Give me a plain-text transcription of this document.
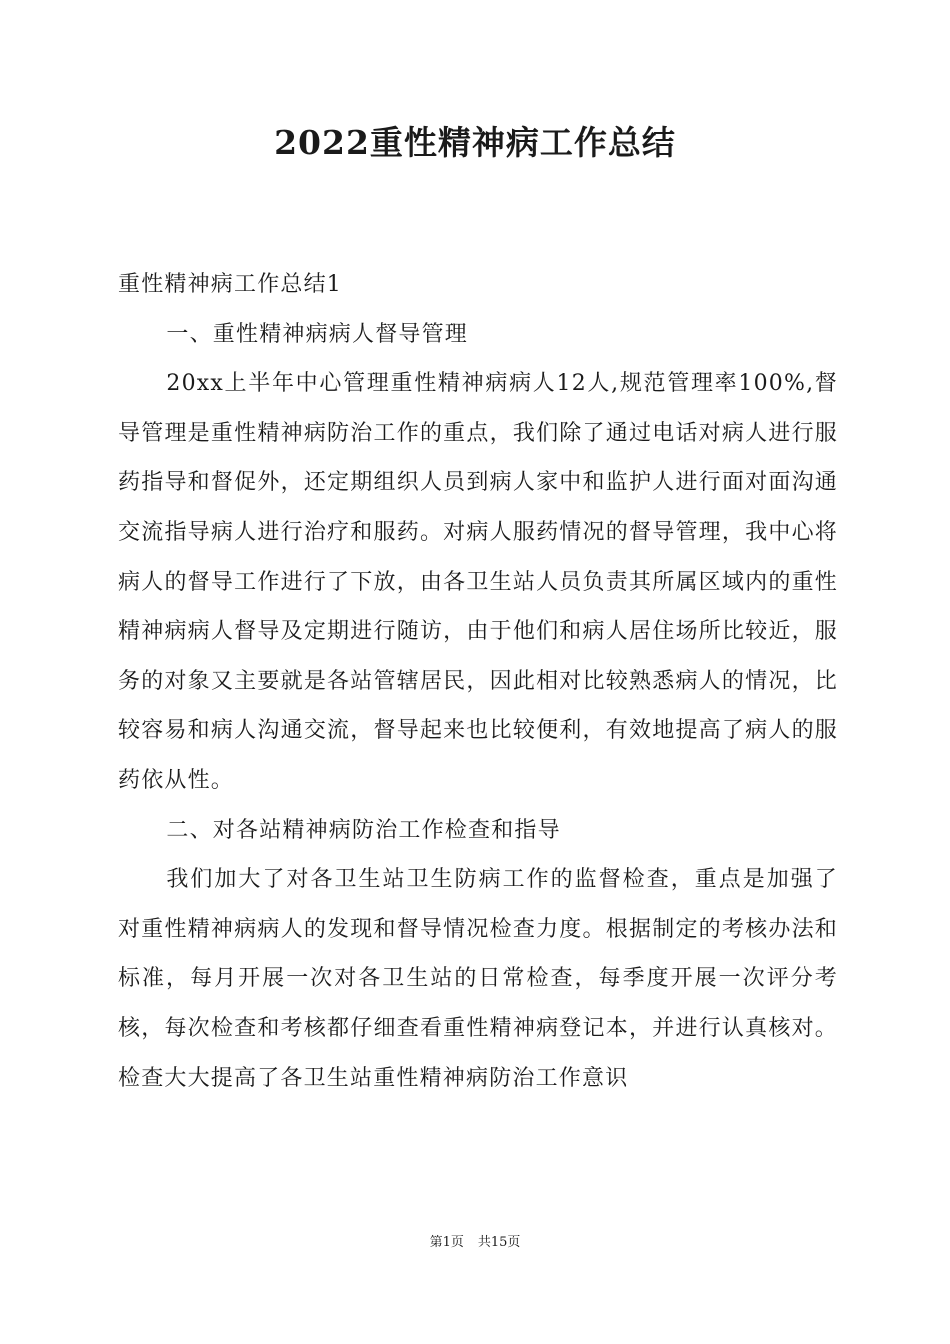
2022重性精神病工作总结

重性精神病工作总结1

一、重性精神病病人督导管理

20xx上半年中心管理重性精神病病人12人,规范管理率100%,督导管理是重性精神病防治工作的重点，我们除了通过电话对病人进行服药指导和督促外，还定期组织人员到病人家中和监护人进行面对面沟通交流指导病人进行治疗和服药。对病人服药情况的督导管理，我中心将病人的督导工作进行了下放，由各卫生站人员负责其所属区域内的重性精神病病人督导及定期进行随访，由于他们和病人居住场所比较近，服务的对象又主要就是各站管辖居民，因此相对比较熟悉病人的情况，比较容易和病人沟通交流，督导起来也比较便利，有效地提高了病人的服药依从性。

二、对各站精神病防治工作检查和指导

我们加大了对各卫生站卫生防病工作的监督检查，重点是加强了对重性精神病病人的发现和督导情况检查力度。根据制定的考核办法和标准，每月开展一次对各卫生站的日常检查，每季度开展一次评分考核，每次检查和考核都仔细查看重性精神病登记本，并进行认真核对。检查大大提高了各卫生站重性精神病防治工作意识

第1页 共15页
